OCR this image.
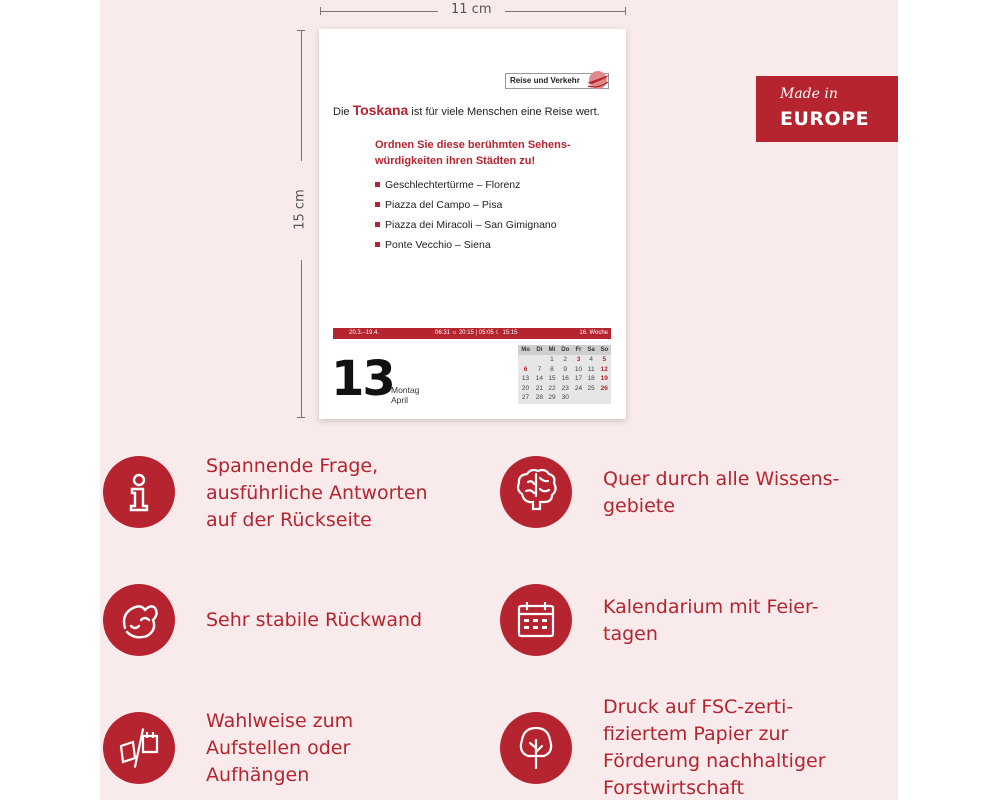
11 cm
15 cm
Reise und Verkehr
Die Toskana ist für viele Menschen eine Reise wert.
Ordnen Sie diese berühmten Sehens-würdigkeiten ihren Städten zu!
Geschlechtertürme – Florenz
Piazza del Campo – Pisa
Piazza dei Miracoli – San Gimignano
Ponte Vecchio – Siena
20.3.–19.4.	06:31 ☼ 20:15 | 05:05 ☾ 15:15	16. Woche
13
Montag
April
Mo	Di	Mi	Do	Fr	Sa	So
		1	2	3	4	5
6	7	8	9	10	11	12
13	14	15	16	17	18	19
20	21	22	23	24	25	26
27	28	29	30			
Made in
EUROPE
Spannende Frage,
ausführliche Antworten
auf der Rückseite
Quer durch alle Wissens-
gebiete
Sehr stabile Rückwand
Kalendarium mit Feier-
tagen
Wahlweise zum
Aufstellen oder
Aufhängen
Druck auf FSC-zerti-
fiziertem Papier zur
Förderung nachhaltiger
Forstwirtschaft
